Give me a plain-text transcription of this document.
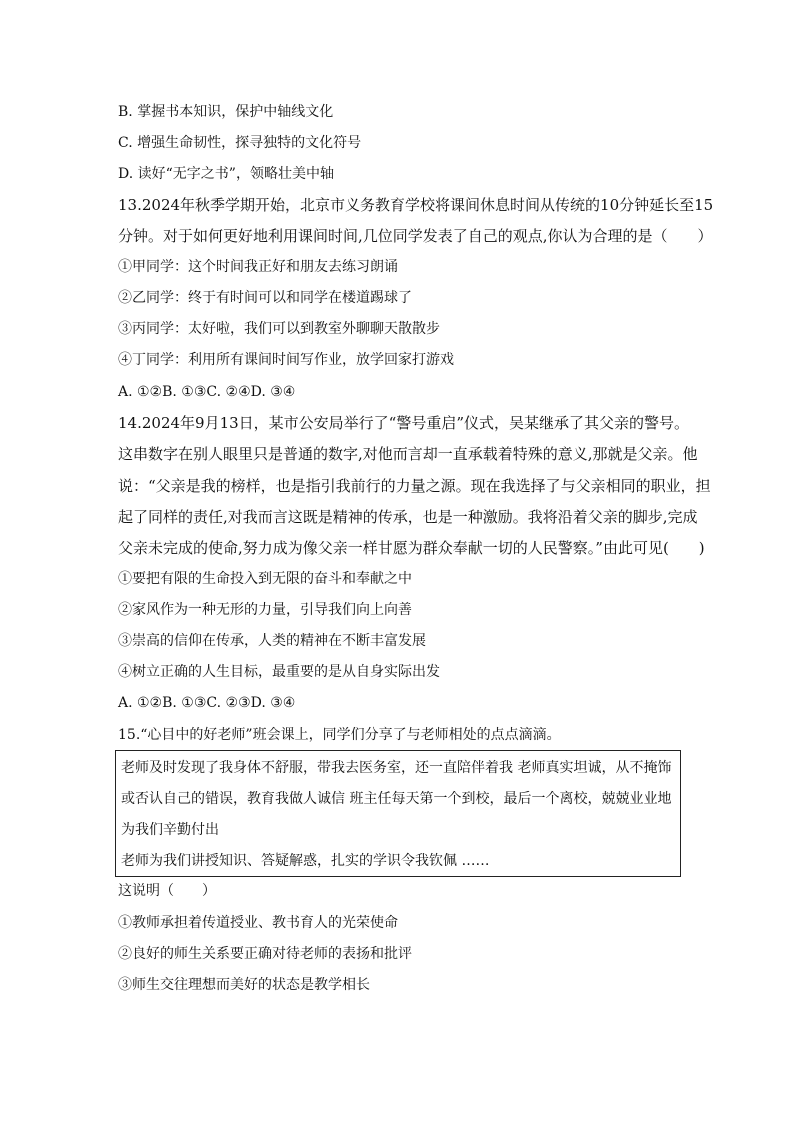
B. 掌握书本知识，保护中轴线文化
C. 增强生命韧性，探寻独特的文化符号
D. 读好“无字之书”，领略壮美中轴
13.2024年秋季学期开始，北京市义务教育学校将课间休息时间从传统的10分钟延长至15
分钟。对于如何更好地利用课间时间,几位同学发表了自己的观点,你认为合理的是（　　）
①甲同学：这个时间我正好和朋友去练习朗诵
②乙同学：终于有时间可以和同学在楼道踢球了
③丙同学：太好啦，我们可以到教室外聊聊天散散步
④丁同学：利用所有课间时间写作业，放学回家打游戏
A. ①②B. ①③C. ②④D. ③④
14.2024年9月13日，某市公安局举行了“警号重启”仪式，吴某继承了其父亲的警号。
这串数字在别人眼里只是普通的数字,对他而言却一直承载着特殊的意义,那就是父亲。他
说：“父亲是我的榜样，也是指引我前行的力量之源。现在我选择了与父亲相同的职业，担
起了同样的责任,对我而言这既是精神的传承，也是一种激励。我将沿着父亲的脚步,完成
父亲未完成的使命,努力成为像父亲一样甘愿为群众奉献一切的人民警察。”由此可见(　　)
①要把有限的生命投入到无限的奋斗和奉献之中
②家风作为一种无形的力量，引导我们向上向善
③崇高的信仰在传承，人类的精神在不断丰富发展
④树立正确的人生目标，最重要的是从自身实际出发
A. ①②B. ①③C. ②③D. ③④
15.“心目中的好老师”班会课上，同学们分享了与老师相处的点点滴滴。
老师及时发现了我身体不舒服，带我去医务室，还一直陪伴着我 老师真实坦诚，从不掩饰
或否认自己的错误，教育我做人诚信 班主任每天第一个到校，最后一个离校，兢兢业业地
为我们辛勤付出
老师为我们讲授知识、答疑解惑，扎实的学识令我钦佩 ……
这说明（　　）
①教师承担着传道授业、教书育人的光荣使命
②良好的师生关系要正确对待老师的表扬和批评
③师生交往理想而美好的状态是教学相长
